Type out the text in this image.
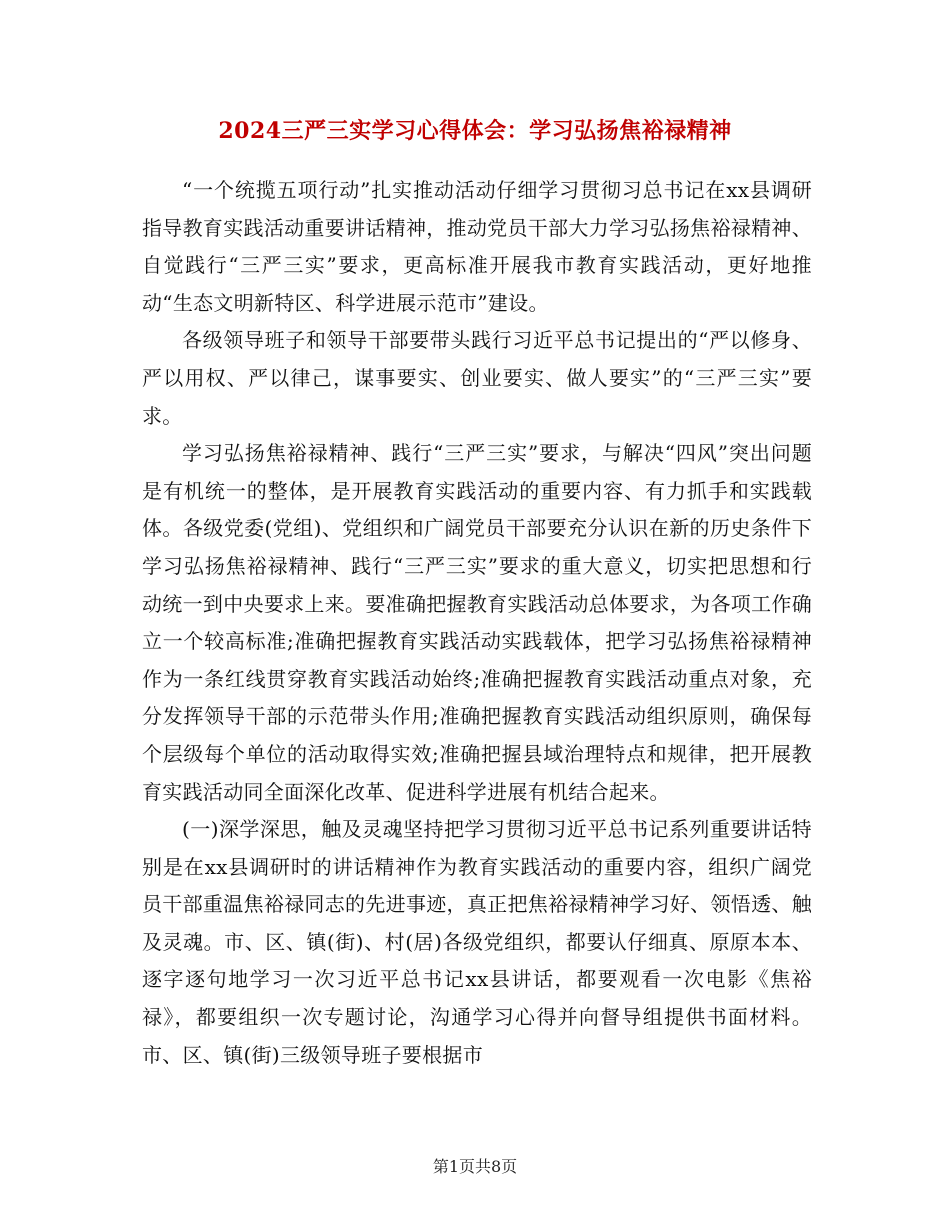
2024三严三实学习心得体会：学习弘扬焦裕禄精神

“一个统揽五项行动”扎实推动活动仔细学习贯彻习总书记在xx县调研指导教育实践活动重要讲话精神，推动党员干部大力学习弘扬焦裕禄精神、自觉践行“三严三实”要求，更高标准开展我市教育实践活动，更好地推动“生态文明新特区、科学进展示范市”建设。

各级领导班子和领导干部要带头践行习近平总书记提出的“严以修身、严以用权、严以律己，谋事要实、创业要实、做人要实”的“三严三实”要求。

学习弘扬焦裕禄精神、践行“三严三实”要求，与解决“四风”突出问题是有机统一的整体，是开展教育实践活动的重要内容、有力抓手和实践载体。各级党委(党组)、党组织和广阔党员干部要充分认识在新的历史条件下学习弘扬焦裕禄精神、践行“三严三实”要求的重大意义，切实把思想和行动统一到中央要求上来。要准确把握教育实践活动总体要求，为各项工作确立一个较高标准;准确把握教育实践活动实践载体，把学习弘扬焦裕禄精神作为一条红线贯穿教育实践活动始终;准确把握教育实践活动重点对象，充分发挥领导干部的示范带头作用;准确把握教育实践活动组织原则，确保每个层级每个单位的活动取得实效;准确把握县域治理特点和规律，把开展教育实践活动同全面深化改革、促进科学进展有机结合起来。

(一)深学深思，触及灵魂坚持把学习贯彻习近平总书记系列重要讲话特别是在xx县调研时的讲话精神作为教育实践活动的重要内容，组织广阔党员干部重温焦裕禄同志的先进事迹，真正把焦裕禄精神学习好、领悟透、触及灵魂。市、区、镇(街)、村(居)各级党组织，都要认仔细真、原原本本、逐字逐句地学习一次习近平总书记xx县讲话，都要观看一次电影《焦裕禄》，都要组织一次专题讨论，沟通学习心得并向督导组提供书面材料。市、区、镇(街)三级领导班子要根据市

第1页共8页
